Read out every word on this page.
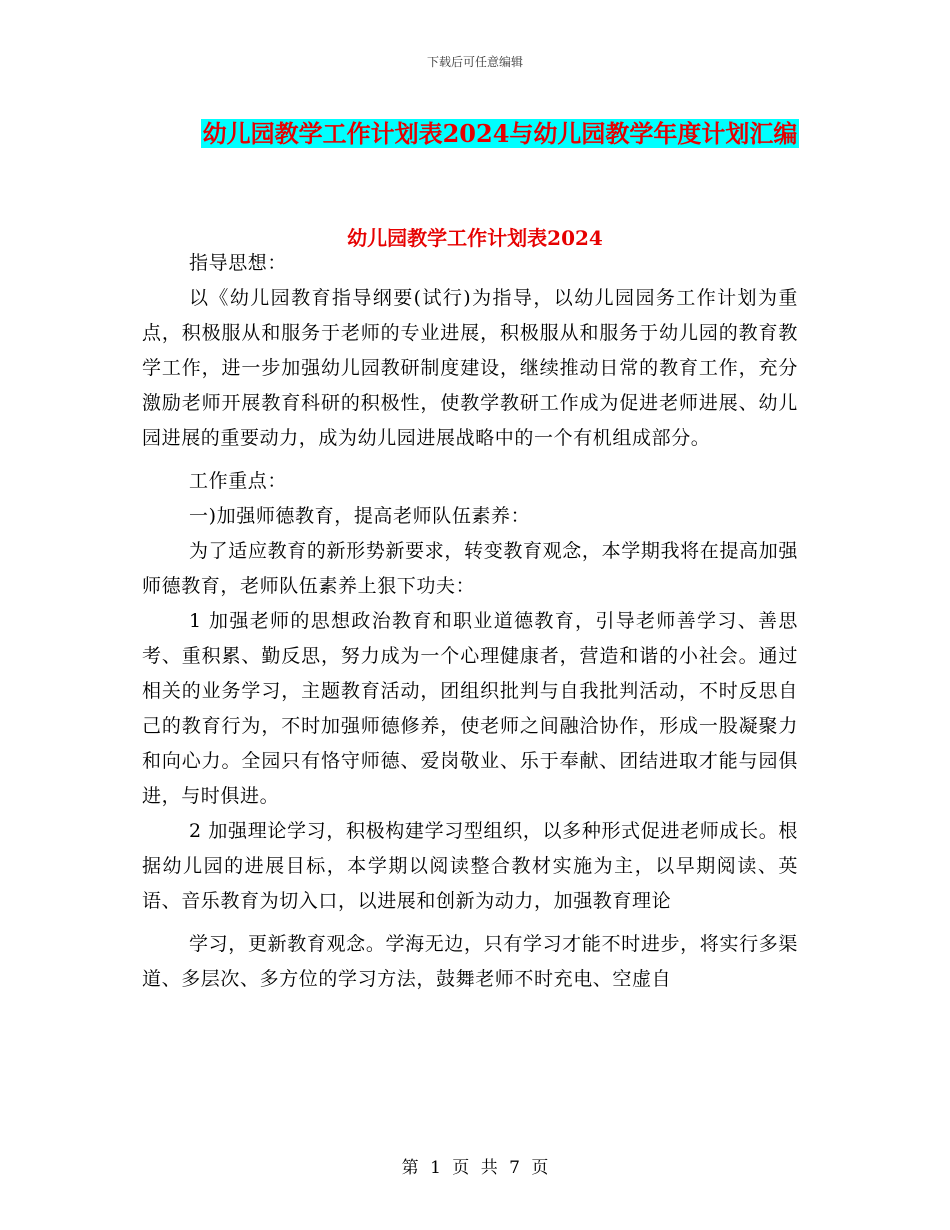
下载后可任意编辑
幼儿园教学工作计划表2024与幼儿园教学年度计划汇编
幼儿园教学工作计划表2024

指导思想：

以《幼儿园教育指导纲要(试行)为指导，以幼儿园园务工作计划为重点，积极服从和服务于老师的专业进展，积极服从和服务于幼儿园的教育教学工作，进一步加强幼儿园教研制度建设，继续推动日常的教育工作，充分激励老师开展教育科研的积极性，使教学教研工作成为促进老师进展、幼儿园进展的重要动力，成为幼儿园进展战略中的一个有机组成部分。

工作重点：

一)加强师德教育，提高老师队伍素养：

为了适应教育的新形势新要求，转变教育观念，本学期我将在提高加强师德教育，老师队伍素养上狠下功夫：

1 加强老师的思想政治教育和职业道德教育，引导老师善学习、善思考、重积累、勤反思，努力成为一个心理健康者，营造和谐的小社会。通过相关的业务学习，主题教育活动，团组织批判与自我批判活动，不时反思自己的教育行为，不时加强师德修养，使老师之间融洽协作，形成一股凝聚力和向心力。全园只有恪守师德、爱岗敬业、乐于奉献、团结进取才能与园俱进，与时俱进。

2 加强理论学习，积极构建学习型组织，以多种形式促进老师成长。根据幼儿园的进展目标，本学期以阅读整合教材实施为主，以早期阅读、英语、音乐教育为切入口，以进展和创新为动力，加强教育理论

学习，更新教育观念。学海无边，只有学习才能不时进步，将实行多渠道、多层次、多方位的学习方法，鼓舞老师不时充电、空虚自

第 1 页 共 7 页
